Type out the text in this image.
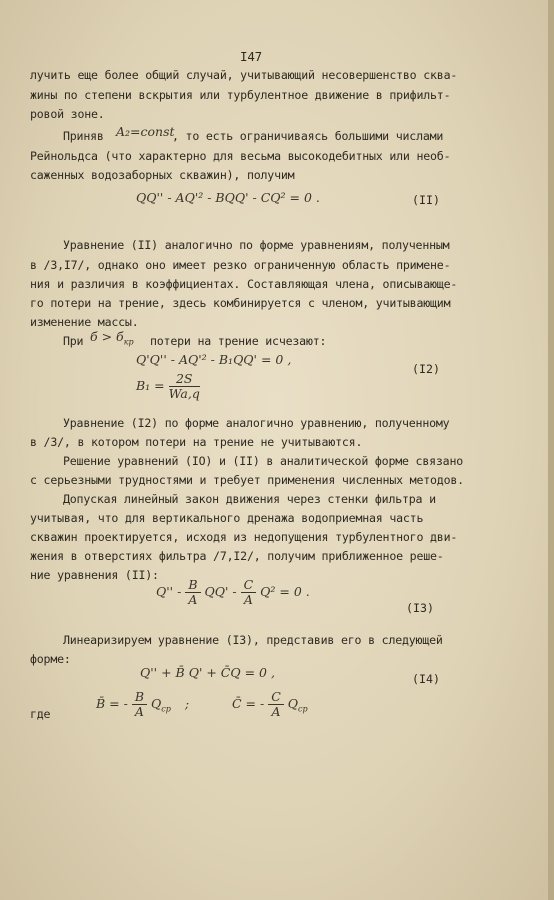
I47
лучить еще более общий случай, учитывающий несовершенство сква-
жины по степени вскрытия или турбулентное движение в прифильт-
ровой зоне.
Приняв A₂=const
, то есть ограничиваясь большими числами
Рейнольдса (что характерно для весьма высокодебитных или необ-
саженных водозаборных скважин), получим
QQ'' - AQ'² - BQQ' - CQ² = 0 .	(II)
Уравнение (II) аналогично по форме уравнениям, полученным
в /3,I7/, однако оно имеет резко ограниченную область примене-
ния и различия в коэффициентах. Составляющая члена, описывающе-
го потери на трение, здесь комбинируется с членом, учитывающим
изменение массы.
При $б > б_{кр}$ потери на трение исчезают:
Q'Q'' - AQ'² - B₁QQ' = 0 ,
$B_1 = \frac{2S}{Wa,q}$
(I2)
Уравнение (I2) по форме аналогично уравнению, полученному
в /3/, в котором потери на трение не учитываются.
Решение уравнений (IO) и (II) в аналитической форме связано
с серьезными трудностями и требует применения численных методов.
Допуская линейный закон движения через стенки фильтра и
учитывая, что для вертикального дренажа водоприемная часть
скважин проектируется, исходя из недопущения турбулентного дви-
жения в отверстиях фильтра /7,I2/, получим приближенное реше-
ние уравнения (II):
$Q'' - \frac{B}{A} QQ' - \frac{C}{A} Q^2 = 0$ .
(I3)
Линеаризируем уравнение (I3), представив его в следующей
форме:
Q'' + B̄ Q' + C̄Q = 0 ,	(I4)
где
B̄ = - $\frac{B}{A} Q_{ср}$ ;	C̄ = - $\frac{C}{A} Q_{ср}$
